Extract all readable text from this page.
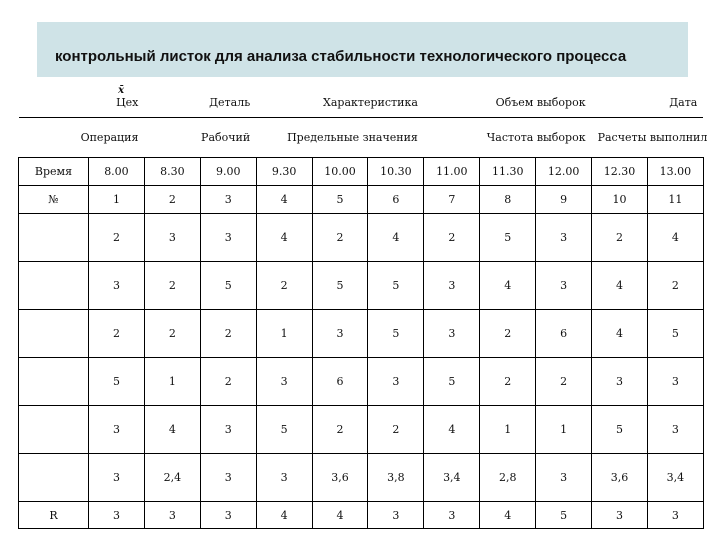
контрольный листок для анализа стабильности технологического процесса
x̄
Цех		Деталь		Характеристика			Объем выборок			Дата	
Операция		Рабочий		Предельные значения			Частота выборок			Расчеты выполнил	
Время	8.00	8.30	9.00	9.30	10.00	10.30	11.00	11.30	12.00	12.30	13.00
№	1	2	3	4	5	6	7	8	9	10	11
	2	3	3	4	2	4	2	5	3	2	4
	3	2	5	2	5	5	3	4	3	4	2
	2	2	2	1	3	5	3	2	6	4	5
	5	1	2	3	6	3	5	2	2	3	3
	3	4	3	5	2	2	4	1	1	5	3
	3	2,4	3	3	3,6	3,8	3,4	2,8	3	3,6	3,4
R	3	3	3	4	4	3	3	4	5	3	3
